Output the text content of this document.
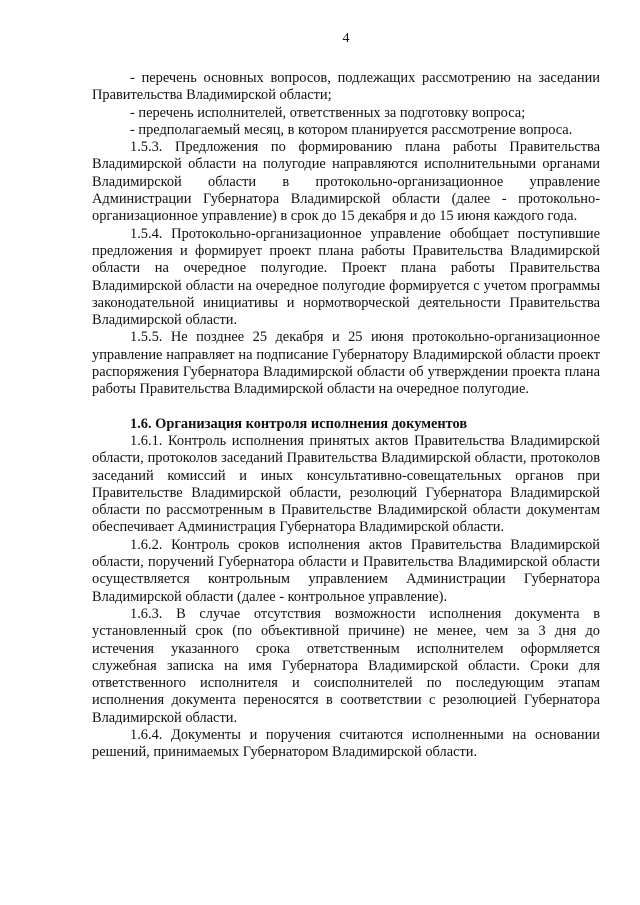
4

- перечень основных вопросов, подлежащих рассмотрению на заседании Правительства Владимирской области;

- перечень исполнителей, ответственных за подготовку вопроса;

- предполагаемый месяц, в котором планируется рассмотрение вопроса.

1.5.3. Предложения по формированию плана работы Правительства Владимирской области на полугодие направляются исполнительными органами Владимирской области в протокольно-организационное управление Администрации Губернатора Владимирской области (далее - протокольно-организационное управление) в срок до 15 декабря и до 15 июня каждого года.

1.5.4. Протокольно-организационное управление обобщает поступившие предложения и формирует проект плана работы Правительства Владимирской области на очередное полугодие. Проект плана работы Правительства Владимирской области на очередное полугодие формируется с учетом программы законодательной инициативы и нормотворческой деятельности Правительства Владимирской области.

1.5.5. Не позднее 25 декабря и 25 июня протокольно-организационное управление направляет на подписание Губернатору Владимирской области проект распоряжения Губернатора Владимирской области об утверждении проекта плана работы Правительства Владимирской области на очередное полугодие.

1.6. Организация контроля исполнения документов

1.6.1. Контроль исполнения принятых актов Правительства Владимирской области, протоколов заседаний Правительства Владимирской области, протоколов заседаний комиссий и иных консультативно-совещательных органов при Правительстве Владимирской области, резолюций Губернатора Владимирской области по рассмотренным в Правительстве Владимирской области документам обеспечивает Администрация Губернатора Владимирской области.

1.6.2. Контроль сроков исполнения актов Правительства Владимирской области, поручений Губернатора области и Правительства Владимирской области осуществляется контрольным управлением Администрации Губернатора Владимирской области (далее - контрольное управление).

1.6.3. В случае отсутствия возможности исполнения документа в установленный срок (по объективной причине) не менее, чем за 3 дня до истечения указанного срока ответственным исполнителем оформляется служебная записка на имя Губернатора Владимирской области. Сроки для ответственного исполнителя и соисполнителей по последующим этапам исполнения документа переносятся в соответствии с резолюцией Губернатора Владимирской области.

1.6.4. Документы и поручения считаются исполненными на основании решений, принимаемых Губернатором Владимирской области.
